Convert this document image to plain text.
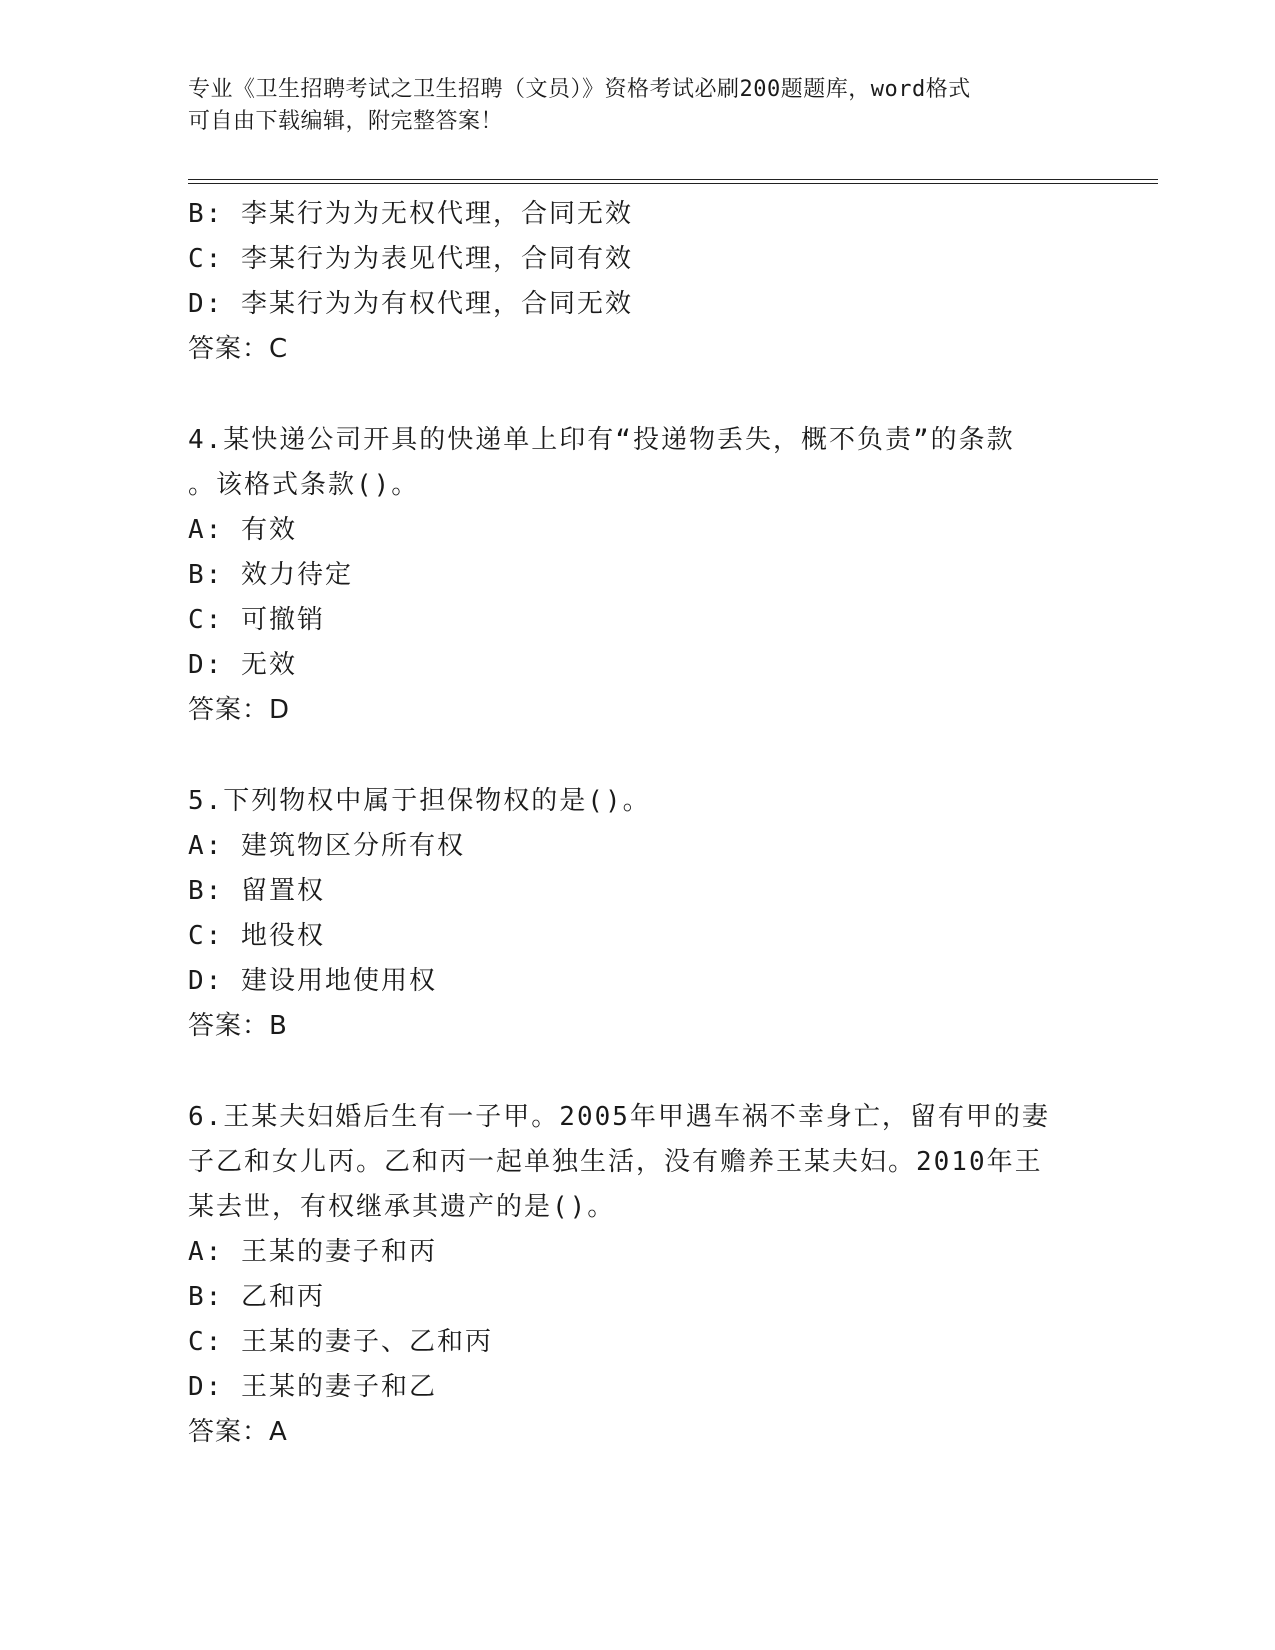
专业《卫生招聘考试之卫生招聘（文员）》资格考试必刷200题题库，word格式
可自由下载编辑，附完整答案！
B: 李某行为为无权代理，合同无效
C: 李某行为为表见代理，合同有效
D: 李某行为为有权代理，合同无效
答案：C
4.某快递公司开具的快递单上印有“投递物丢失，概不负责”的条款
。该格式条款()。
A: 有效
B: 效力待定
C: 可撤销
D: 无效
答案：D
5.下列物权中属于担保物权的是()。
A: 建筑物区分所有权
B: 留置权
C: 地役权
D: 建设用地使用权
答案：B
6.王某夫妇婚后生有一子甲。2005年甲遇车祸不幸身亡，留有甲的妻
子乙和女儿丙。乙和丙一起单独生活，没有赡养王某夫妇。2010年王
某去世，有权继承其遗产的是()。
A: 王某的妻子和丙
B: 乙和丙
C: 王某的妻子、乙和丙
D: 王某的妻子和乙
答案：A
